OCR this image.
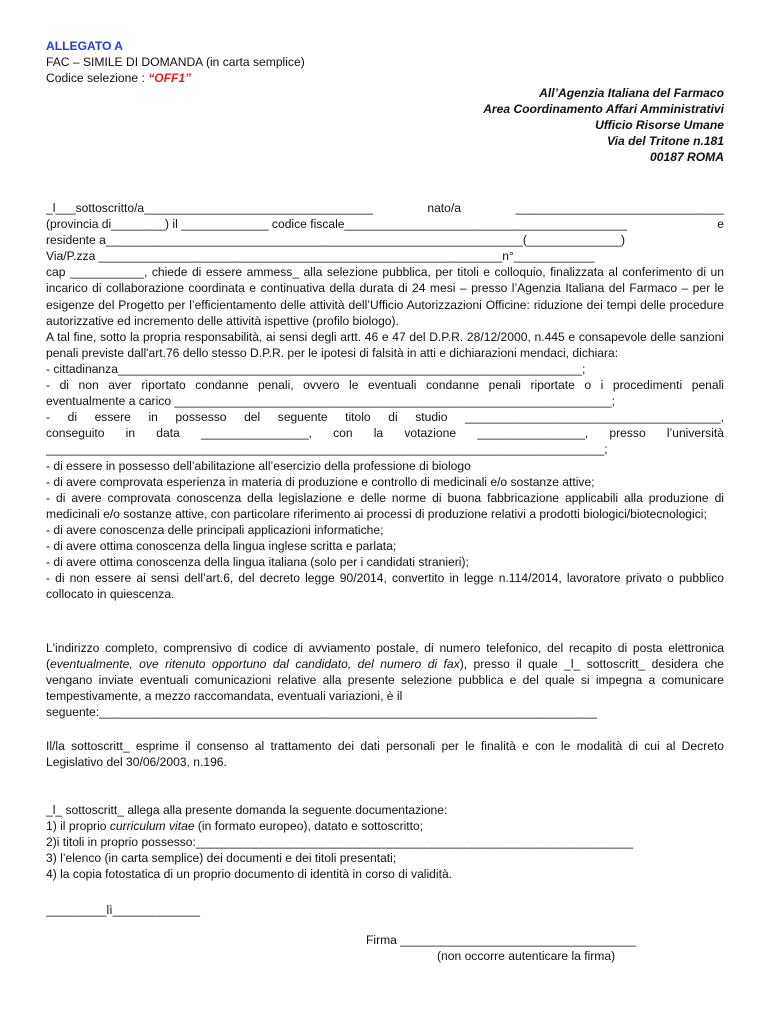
ALLEGATO A
FAC – SIMILE DI DOMANDA (in carta semplice)
Codice selezione : “OFF1”
All’Agenzia Italiana del Farmaco
Area Coordinamento Affari Amministrativi
Ufficio Risorse Umane
Via del Tritone n.181
00187 ROMA
_l___sottoscritto/a__________________________________	nato/a	_______________________________
(provincia di________) il _____________ codice fiscale__________________________________________	e
residente a______________________________________________________________(______________)
Via/P.zza ____________________________________________________________n°____________
cap ___________, chiede di essere ammess_ alla selezione pubblica, per titoli e colloquio, finalizzata al conferimento di un incarico di collaborazione coordinata e continuativa della durata di 24 mesi – presso l’Agenzia Italiana del Farmaco – per le esigenze del Progetto per l’efficientamento delle attività dell’Ufficio Autorizzazioni Officine: riduzione dei tempi delle procedure autorizzative ed incremento delle attività ispettive (profilo biologo).
A tal fine, sotto la propria responsabilità, ai sensi degli artt. 46 e 47 del D.P.R. 28/12/2000, n.445 e consapevole delle sanzioni penali previste dall'art.76 dello stesso D.P.R. per le ipotesi di falsità in atti e dichiarazioni mendaci, dichiara:
- cittadinanza_____________________________________________________________________;
- di non aver riportato condanne penali, ovvero le eventuali condanne penali riportate o i procedimenti penali
eventualmente a carico _________________________________________________________________;
- di essere in possesso del seguente titolo di studio ______________________________________,
conseguito in data ________________, con la votazione ________________, presso l’università
___________________________________________________________________________________;
- di essere in possesso dell’abilitazione all’esercizio della professione di biologo
- di avere comprovata esperienza in materia di produzione e controllo di medicinali e/o sostanze attive;
- di avere comprovata conoscenza della legislazione e delle norme di buona fabbricazione applicabili alla produzione di medicinali e/o sostanze attive, con particolare riferimento ai processi di produzione relativi a prodotti biologici/biotecnologici;
- di avere conoscenza delle principali applicazioni informatiche;
- di avere ottima conoscenza della lingua inglese scritta e parlata;
- di avere ottima conoscenza della lingua italiana (solo per i candidati stranieri);
- di non essere ai sensi dell’art.6, del decreto legge 90/2014, convertito in legge n.114/2014, lavoratore privato o pubblico collocato in quiescenza.
L'indirizzo completo, comprensivo di codice di avviamento postale, di numero telefonico, del recapito di posta elettronica (eventualmente, ove ritenuto opportuno dal candidato, del numero di fax), presso il quale _l_ sottoscritt_ desidera che vengano inviate eventuali comunicazioni relative alla presente selezione pubblica e del quale si impegna a comunicare tempestivamente, a mezzo raccomandata, eventuali variazioni, è il
seguente:__________________________________________________________________________
Il/la sottoscritt_ esprime il consenso al trattamento dei dati personali per le finalità e con le modalità di cui al Decreto Legislativo del 30/06/2003, n.196.
_l_ sottoscritt_ allega alla presente domanda la seguente documentazione:
1) il proprio curriculum vitae (in formato europeo), datato e sottoscritto;
2)i titoli in proprio possesso:_________________________________________________________________
3) l’elenco (in carta semplice) dei documenti e dei titoli presentati;
4) la copia fotostatica di un proprio documento di identità in corso di validità.
_________lì_____________
Firma ___________________________________
(non occorre autenticare la firma)
